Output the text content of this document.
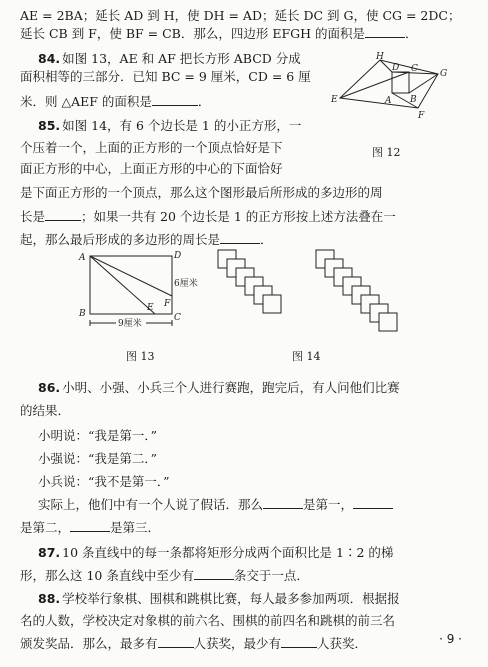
AE = 2BA；延长 AD 到 H，使 DH = AD；延长 DC 到 G，使 CG = 2DC；
延长 CB 到 F，使 BF = CB．那么，四边形 EFGH 的面积是	．
84. 如图 13，AE 和 AF 把长方形 ABCD 分成
面积相等的三部分．已知 BC = 9 厘米，CD = 6 厘
米．则 △AEF 的面积是	．
85. 如图 14，有 6 个边长是 1 的小正方形，一
个压着一个，上面的正方形的一个顶点恰好是下
面正方形的中心，上面正方形的中心的下面恰好
是下面正方形的一个顶点，那么这个图形最后所形成的多边形的周
长是	；如果一共有 20 个边长是 1 的正方形按上述方法叠在一
起，那么最后形成的多边形的周长是	．
H
G
D C
E	A B
F
图 12
A	D
B	C
E F
6厘米
9厘米
图 13	图 14
86. 小明、小强、小兵三个人进行赛跑，跑完后，有人问他们比赛
的结果．
小明说：“我是第一．”
小强说：“我是第二．”
小兵说：“我不是第一．”
实际上，他们中有一个人说了假话．那么	是第一，
是第二，	是第三．
87. 10 条直线中的每一条都将矩形分成两个面积比是 1∶2 的梯
形，那么这 10 条直线中至少有	条交于一点．
88. 学校举行象棋、围棋和跳棋比赛，每人最多参加两项．根据报
名的人数，学校决定对象棋的前六名、围棋的前四名和跳棋的前三名
颁发奖品．那么，最多有	人获奖，最少有	人获奖．	· 9 ·
